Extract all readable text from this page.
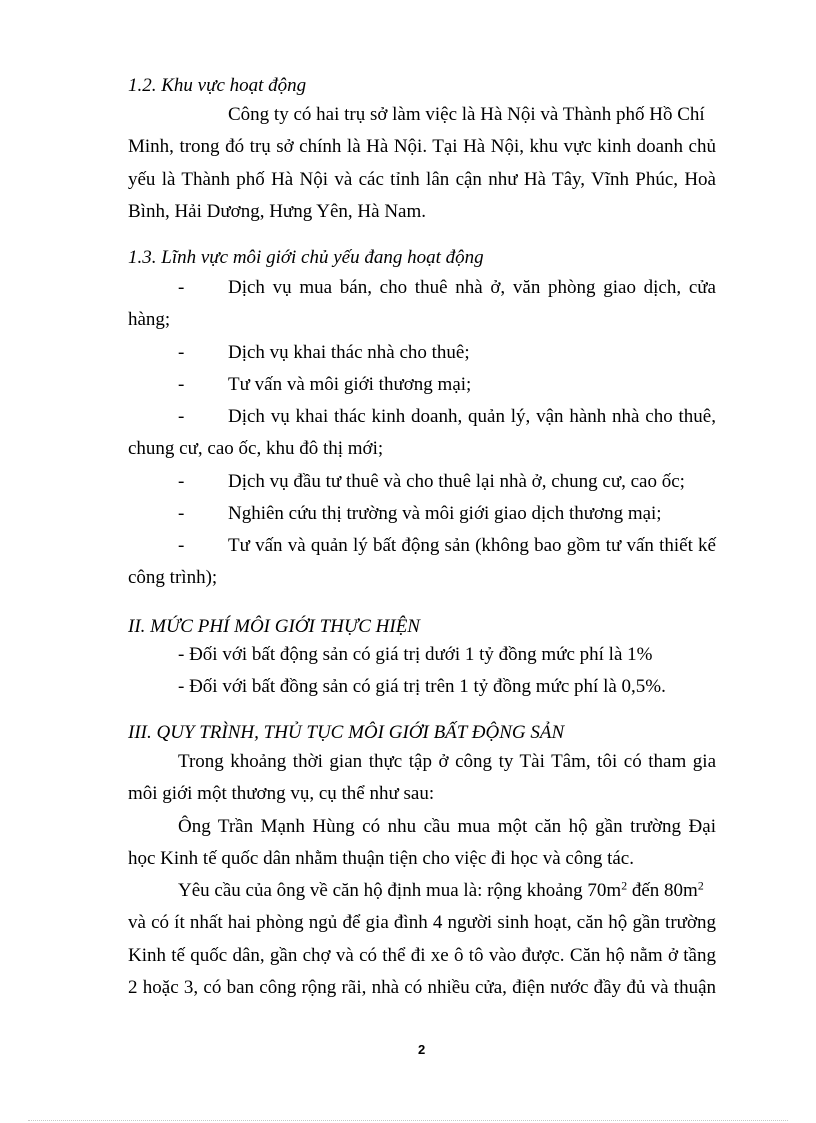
1.2. Khu vực hoạt động
Công ty có hai trụ sở làm việc là Hà Nội và Thành phố Hồ Chí
Minh, trong đó trụ sở chính là Hà Nội. Tại Hà Nội, khu vực kinh doanh chủ
yếu là Thành phố Hà Nội và các tỉnh lân cận như Hà Tây, Vĩnh Phúc, Hoà
Bình, Hải Dương, Hưng Yên, Hà Nam.
1.3. Lĩnh vực môi giới chủ yếu đang hoạt động
- Dịch vụ mua bán, cho thuê nhà ở, văn phòng giao dịch, cửa
hàng;
- Dịch vụ khai thác nhà cho thuê;
- Tư vấn và môi giới thương mại;
- Dịch vụ khai thác kinh doanh, quản lý, vận hành nhà cho thuê,
chung cư, cao ốc, khu đô thị mới;
- Dịch vụ đầu tư thuê và cho thuê lại nhà ở, chung cư, cao ốc;
- Nghiên cứu thị trường và môi giới giao dịch thương mại;
- Tư vấn và quản lý bất động sản (không bao gồm tư vấn thiết kế
công trình);
II. MỨC PHÍ MÔI GIỚI THỰC HIỆN
- Đối với bất động sản có giá trị dưới 1 tỷ đồng mức phí là 1%
- Đối với bất đồng sản có giá trị trên 1 tỷ đồng mức phí là 0,5%.
III. QUY TRÌNH, THỦ TỤC MÔI GIỚI BẤT ĐỘNG SẢN
Trong khoảng thời gian thực tập ở công ty Tài Tâm, tôi có tham gia
môi giới một thương vụ, cụ thể như sau:
Ông Trần Mạnh Hùng có nhu cầu mua một căn hộ gần trường Đại
học Kinh tế quốc dân nhằm thuận tiện cho việc đi học và công tác.
Yêu cầu của ông về căn hộ định mua là: rộng khoảng $70m^2$ đến $80m^2$
và có ít nhất hai phòng ngủ để gia đình 4 người sinh hoạt, căn hộ gần trường
Kinh tế quốc dân, gần chợ và có thể đi xe ô tô vào được. Căn hộ nằm ở tầng
2 hoặc 3, có ban công rộng rãi, nhà có nhiều cửa, điện nước đầy đủ và thuận
2
